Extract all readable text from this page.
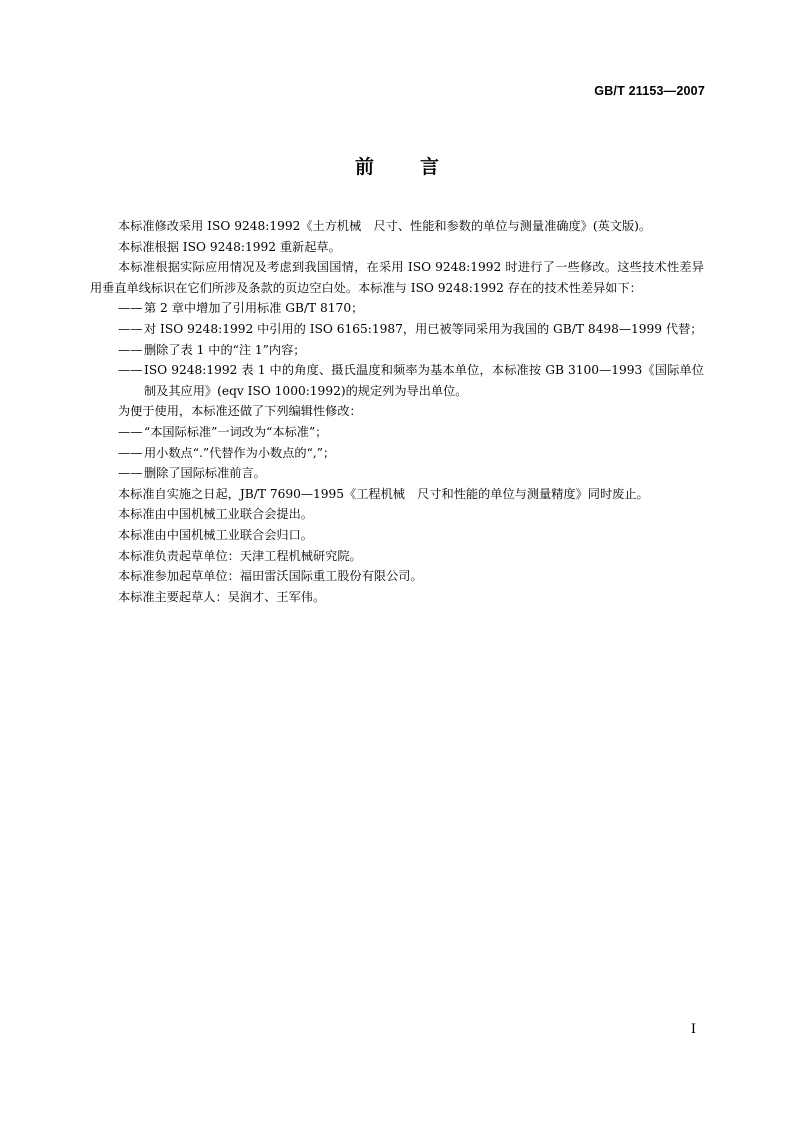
GB/T 21153—2007
前 言

本标准修改采用 ISO 9248:1992《土方机械　尺寸、性能和参数的单位与测量准确度》(英文版)。

本标准根据 ISO 9248:1992 重新起草。

本标准根据实际应用情况及考虑到我国国情，在采用 ISO 9248:1992 时进行了一些修改。这些技术性差异用垂直单线标识在它们所涉及条款的页边空白处。本标准与 ISO 9248:1992 存在的技术性差异如下：

—— 第 2 章中增加了引用标准 GB/T 8170；

—— 对 ISO 9248:1992 中引用的 ISO 6165:1987，用已被等同采用为我国的 GB/T 8498—1999 代替；

—— 删除了表 1 中的“注 1”内容；

—— ISO 9248:1992 表 1 中的角度、摄氏温度和频率为基本单位，本标准按 GB 3100—1993《国际单位制及其应用》(eqv ISO 1000:1992)的规定列为导出单位。

为便于使用，本标准还做了下列编辑性修改：

—— “本国际标准”一词改为“本标准”；

—— 用小数点“.”代替作为小数点的“,”；

—— 删除了国际标准前言。

本标准自实施之日起，JB/T 7690—1995《工程机械　尺寸和性能的单位与测量精度》同时废止。

本标准由中国机械工业联合会提出。

本标准由中国机械工业联合会归口。

本标准负责起草单位：天津工程机械研究院。

本标准参加起草单位：福田雷沃国际重工股份有限公司。

本标准主要起草人：吴润才、王军伟。

I
